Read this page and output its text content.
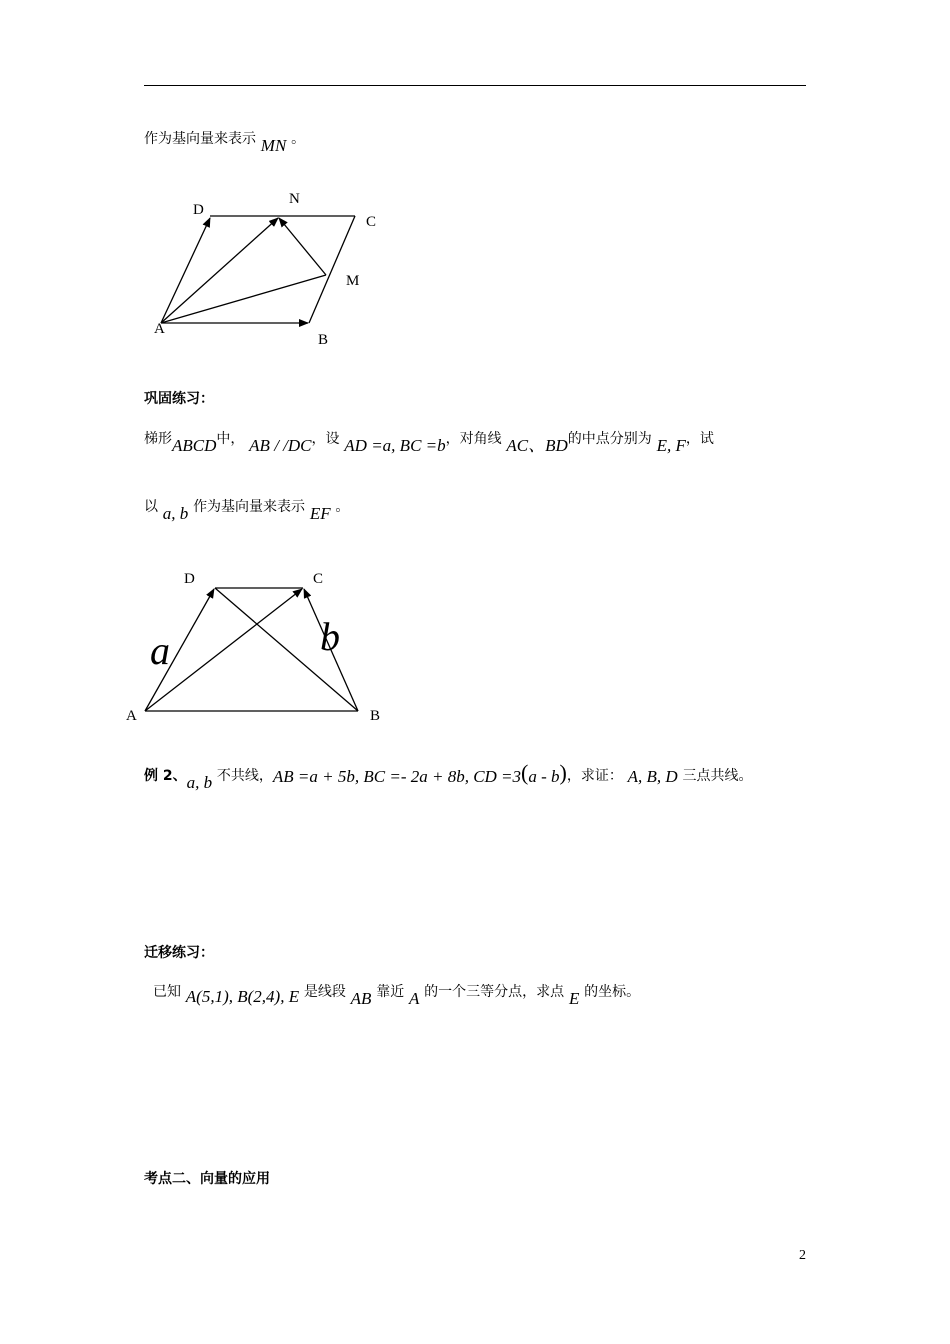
作为基向量来表示 MN 。
D
N
C
M
A
B
巩固练习：
梯形ABCD中， AB / /DC，设 AD =a, BC =b，对角线 AC、BD的中点分别为 E, F，试
以 a, b 作为基向量来表示 EF 。
D	C
A	B
a	b
例 2、a, b 不共线，AB =a + 5b, BC =- 2a + 8b, CD =3(a - b)，求证： A, B, D 三点共线。
迁移练习：
已知 A(5,1), B(2,4), E 是线段 AB 靠近 A 的一个三等分点，求点 E 的坐标。
考点二、向量的应用
2
